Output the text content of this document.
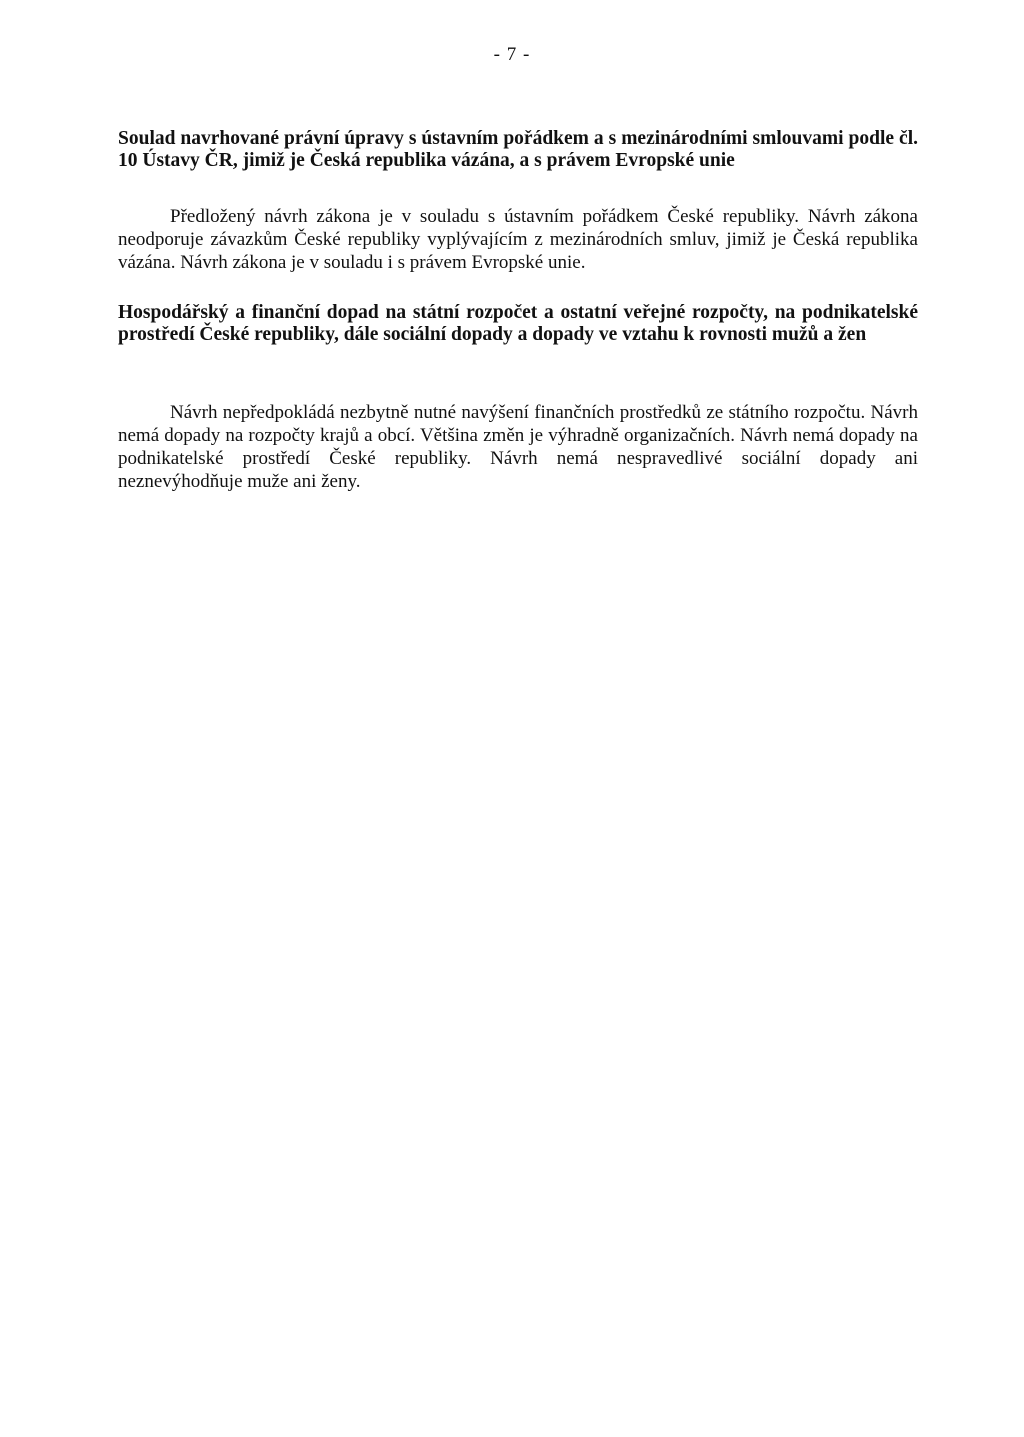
- 7 -

Soulad navrhované právní úpravy s ústavním pořádkem a s mezinárodními smlouvami podle čl. 10 Ústavy ČR, jimiž je Česká republika vázána, a s právem Evropské unie

Předložený návrh zákona je v souladu s ústavním pořádkem České republiky. Návrh zákona neodporuje závazkům České republiky vyplývajícím z mezinárodních smluv, jimiž je Česká republika vázána. Návrh zákona je v souladu i s právem Evropské unie.

Hospodářský a finanční dopad na státní rozpočet a ostatní veřejné rozpočty, na podnikatelské prostředí České republiky, dále sociální dopady a dopady ve vztahu k rovnosti mužů a žen

Návrh nepředpokládá nezbytně nutné navýšení finančních prostředků ze státního rozpočtu. Návrh nemá dopady na rozpočty krajů a obcí. Většina změn je výhradně organizačních. Návrh nemá dopady na podnikatelské prostředí České republiky. Návrh nemá nespravedlivé sociální dopady ani neznevýhodňuje muže ani ženy.
